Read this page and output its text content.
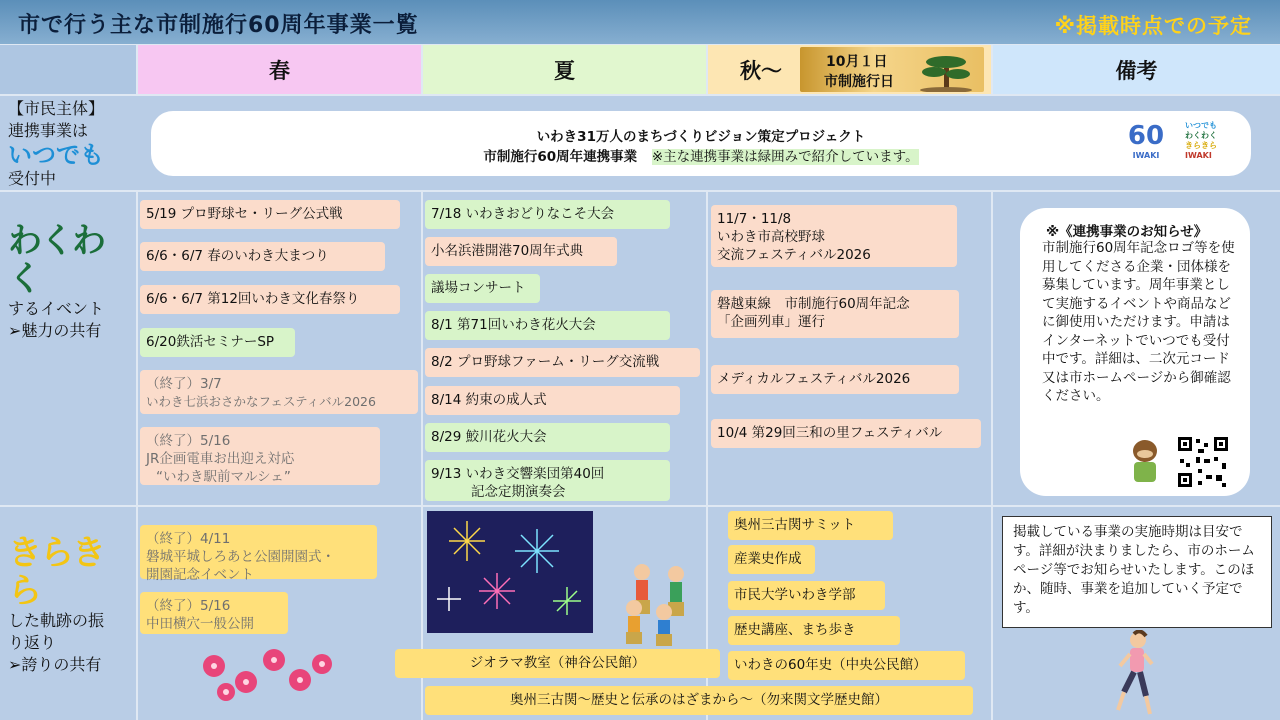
市で行う主な市制施行60周年事業一覧	※掲載時点での予定
春	夏	秋～	10月１日
市制施行日	備考
【市民主体】
連携事業は
いつでも
受付中
いわき31万人のまちづくりビジョン策定プロジェクト
市制施行60周年連携事業 ※主な連携事業は緑囲みで紹介しています。
60
IWAKI
いつでも
わくわく
きらきら
IWAKI
わくわく
するイベント
➢魅力の共有
5/19 プロ野球セ・リーグ公式戦
6/6・6/7 春のいわき大まつり
6/6・6/7 第12回いわき文化春祭り
6/20鉄活セミナーSP
（終了）3/7
いわき七浜おさかなフェスティバル2026
（終了）5/16
JR企画電車お出迎え対応
“いわき駅前マルシェ”
7/18 いわきおどりなこそ大会
小名浜港開港70周年式典
議場コンサート
8/1 第71回いわき花火大会
8/2 プロ野球ファーム・リーグ交流戦
8/14 約束の成人式
8/29 鮫川花火大会
9/13 いわき交響楽団第40回
記念定期演奏会
11/7・11/8
いわき市高校野球
交流フェスティバル2026
磐越東線　市制施行60周年記念
「企画列車」運行
メディカルフェスティバル2026
10/4 第29回三和の里フェスティバル
※《連携事業のお知らせ》
市制施行60周年記念ロゴ等を使用してくださる企業・団体様を募集しています。周年事業として実施するイベントや商品などに御使用いただけます。申請はインターネットでいつでも受付中です。詳細は、二次元コード又は市ホームページから御確認ください。
きらきら
した軌跡の振
り返り
➢誇りの共有
（終了）4/11
磐城平城しろあと公園開園式・
開園記念イベント
（終了）5/16
中田横穴一般公開
ジオラマ教室（神谷公民館）
奥州三古関～歴史と伝承のはざまから～（勿来関文学歴史館）
奥州三古関サミット
産業史作成
市民大学いわき学部
歴史講座、まち歩き
いわきの60年史（中央公民館）
掲載している事業の実施時期は目安です。詳細が決まりましたら、市のホームページ等でお知らせいたします。このほか、随時、事業を追加していく予定です。
